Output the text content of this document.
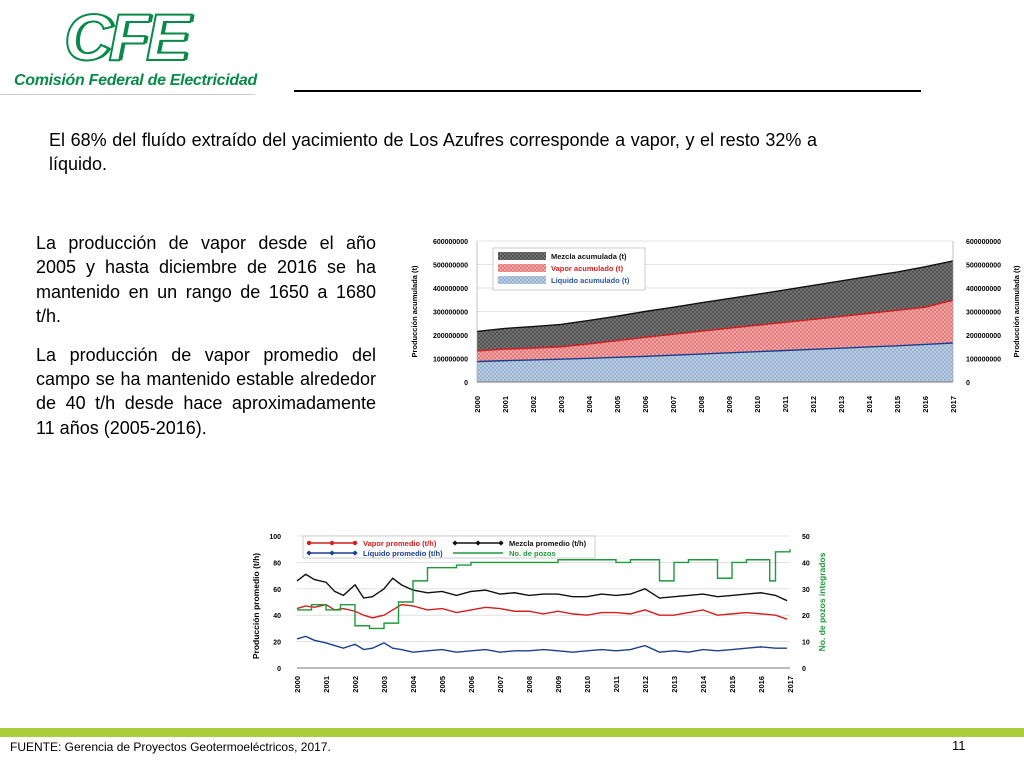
CFE
Comisión Federal de Electricidad

El 68% del fluído extraído del yacimiento de Los Azufres corresponde a vapor, y el resto 32% a líquido.

La producción de vapor desde el año 2005 y hasta diciembre de 2016 se ha mantenido en un rango de 1650 a 1680 t/h.

La producción de vapor promedio del campo se ha mantenido estable alrededor de 40 t/h desde hace aproximadamente 11 años (2005-2016).

600000000	600000000
500000000	500000000
400000000	400000000
300000000	300000000
200000000	200000000
100000000	100000000
0	0
2000	2001	2002	2003	2004	2005	2006	2007	2008	2009	2010	2011	2012	2013	2014	2015	2016	2017
Producción acumulada (t)	Producción acumulada (t)
Mezcla acumulada (t)
Vapor acumulado (t)
Líquido acumulado (t)
0
20
40
60
80
100
0
10
20
30
40
50
2000	2001	2002	2003	2004	2005	2006	2007	2008	2009	2010	2011	2012	2013	2014	2015	2016	2017
Producción promedio (t/h)	No. de pozos integrados
Vapor promedio (t/h)
Líquido promedio (t/h)
Mezcla promedio (t/h)
No. de pozos
FUENTE: Gerencia de Proyectos Geotermoeléctricos, 2017.	11
